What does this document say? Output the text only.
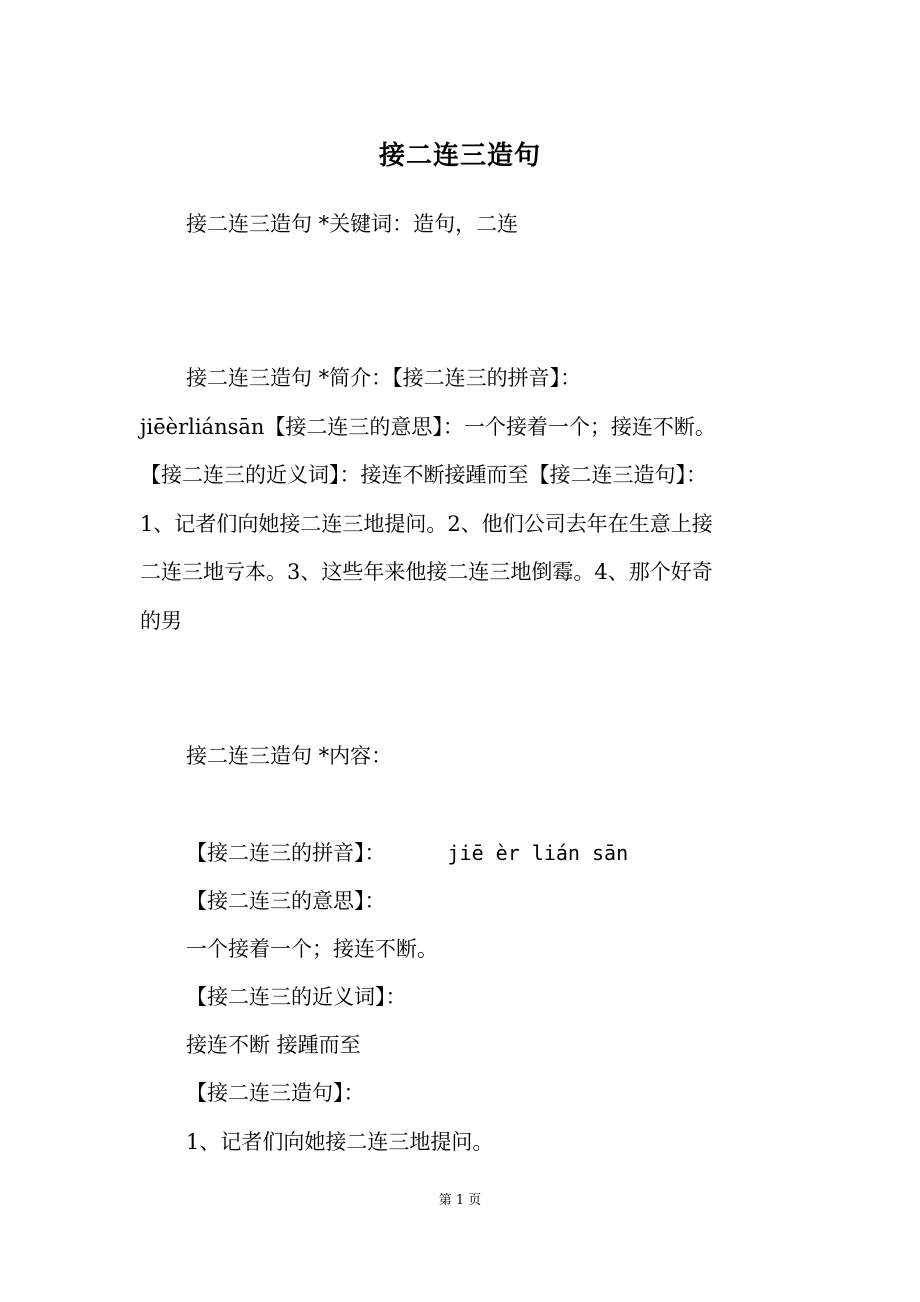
接二连三造句
接二连三造句 *关键词：造句，二连
接二连三造句 *简介：【接二连三的拼音】：
jiēèrliánsān【接二连三的意思】：一个接着一个；接连不断。
【接二连三的近义词】：接连不断接踵而至【接二连三造句】：
1、记者们向她接二连三地提问。2、他们公司去年在生意上接
二连三地亏本。3、这些年来他接二连三地倒霉。4、那个好奇
的男
接二连三造句 *内容：
【接二连三的拼音】：	jiē èr lián sān
【接二连三的意思】：
一个接着一个；接连不断。
【接二连三的近义词】：
接连不断 接踵而至
【接二连三造句】：
1、记者们向她接二连三地提问。
第 1 页
